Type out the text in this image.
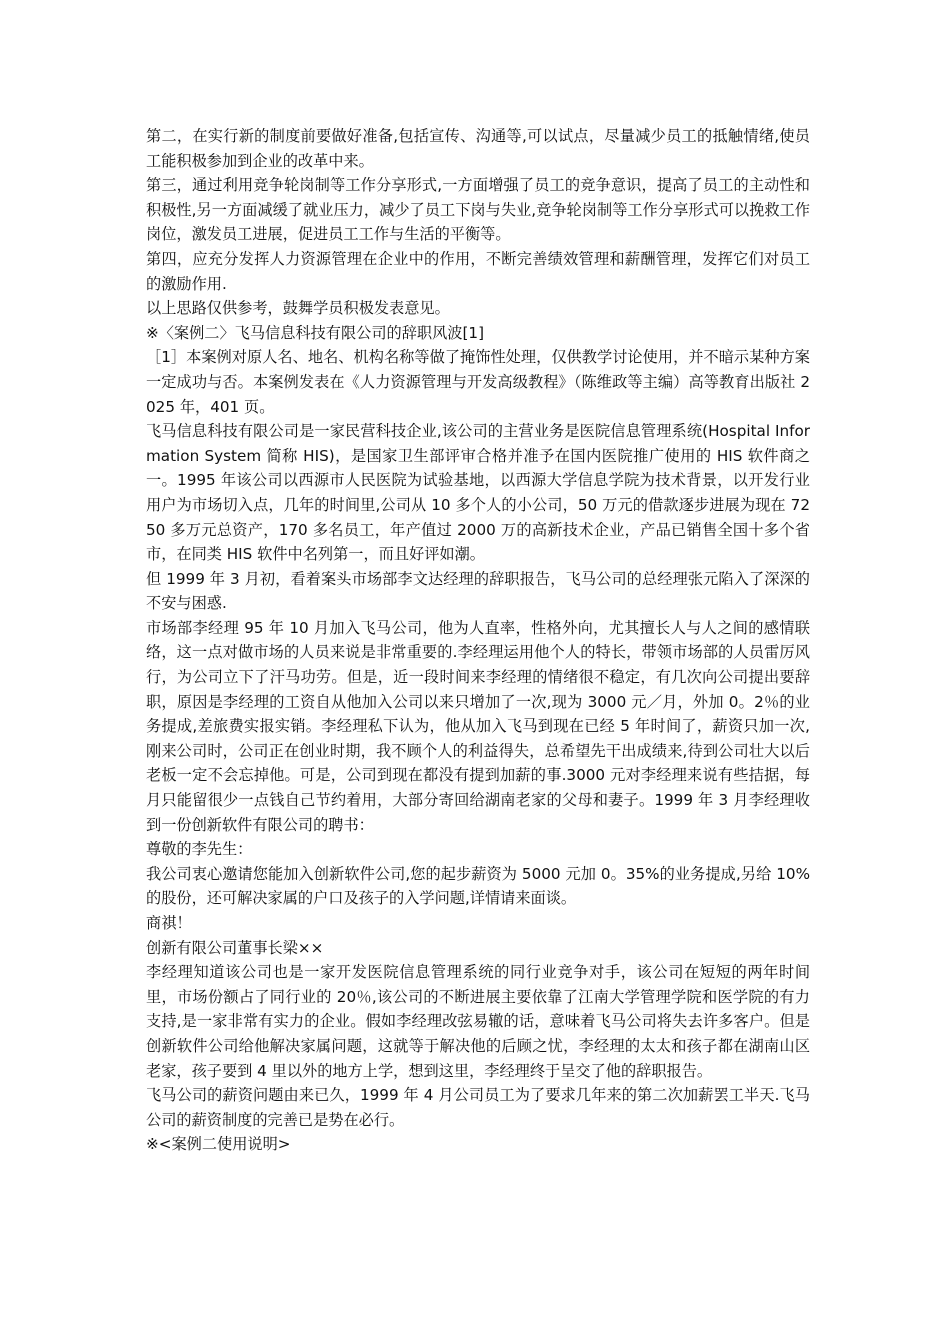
第二，在实行新的制度前要做好准备,包括宣传、沟通等,可以试点，尽量减少员工的抵触情绪,使员工能积极参加到企业的改革中来。

第三，通过利用竞争轮岗制等工作分享形式,一方面增强了员工的竞争意识，提高了员工的主动性和积极性,另一方面减缓了就业压力，减少了员工下岗与失业,竞争轮岗制等工作分享形式可以挽救工作岗位，激发员工进展，促进员工工作与生活的平衡等。

第四，应充分发挥人力资源管理在企业中的作用，不断完善绩效管理和薪酬管理，发挥它们对员工的激励作用.

以上思路仅供参考，鼓舞学员积极发表意见。

※〈案例二〉飞马信息科技有限公司的辞职风波[1]

［1］本案例对原人名、地名、机构名称等做了掩饰性处理，仅供教学讨论使用，并不暗示某种方案一定成功与否。本案例发表在《人力资源管理与开发高级教程》（陈维政等主编）高等教育出版社 2025 年，401 页。

飞马信息科技有限公司是一家民营科技企业,该公司的主营业务是医院信息管理系统(Hospital Information System 简称 HIS)，是国家卫生部评审合格并准予在国内医院推广使用的 HIS 软件商之一。1995 年该公司以西源市人民医院为试验基地，以西源大学信息学院为技术背景，以开发行业用户为市场切入点，几年的时间里,公司从 10 多个人的小公司，50 万元的借款逐步进展为现在 7250 多万元总资产，170 多名员工，年产值过 2000 万的高新技术企业，产品已销售全国十多个省市，在同类 HIS 软件中名列第一，而且好评如潮。

但 1999 年 3 月初，看着案头市场部李文达经理的辞职报告，飞马公司的总经理张元陷入了深深的不安与困惑.

市场部李经理 95 年 10 月加入飞马公司，他为人直率，性格外向，尤其擅长人与人之间的感情联络，这一点对做市场的人员来说是非常重要的.李经理运用他个人的特长，带领市场部的人员雷厉风行，为公司立下了汗马功劳。但是，近一段时间来李经理的情绪很不稳定，有几次向公司提出要辞职，原因是李经理的工资自从他加入公司以来只增加了一次,现为 3000 元／月，外加 0。2％的业务提成,差旅费实报实销。李经理私下认为，他从加入飞马到现在已经 5 年时间了，薪资只加一次,刚来公司时，公司正在创业时期，我不顾个人的利益得失，总希望先干出成绩来,待到公司壮大以后老板一定不会忘掉他。可是，公司到现在都没有提到加薪的事.3000 元对李经理来说有些拮据，每月只能留很少一点钱自己节约着用，大部分寄回给湖南老家的父母和妻子。1999 年 3 月李经理收到一份创新软件有限公司的聘书：

尊敬的李先生：

我公司衷心邀请您能加入创新软件公司,您的起步薪资为 5000 元加 0。35%的业务提成,另给 10%的股份，还可解决家属的户口及孩子的入学问题,详情请来面谈。

商祺！

创新有限公司董事长梁××

李经理知道该公司也是一家开发医院信息管理系统的同行业竞争对手，该公司在短短的两年时间里，市场份额占了同行业的 20％,该公司的不断进展主要依靠了江南大学管理学院和医学院的有力支持,是一家非常有实力的企业。假如李经理改弦易辙的话，意味着飞马公司将失去许多客户。但是创新软件公司给他解决家属问题，这就等于解决他的后顾之忧，李经理的太太和孩子都在湖南山区老家，孩子要到 4 里以外的地方上学，想到这里，李经理终于呈交了他的辞职报告。

飞马公司的薪资问题由来已久，1999 年 4 月公司员工为了要求几年来的第二次加薪罢工半天.飞马公司的薪资制度的完善已是势在必行。

※<案例二使用说明>
